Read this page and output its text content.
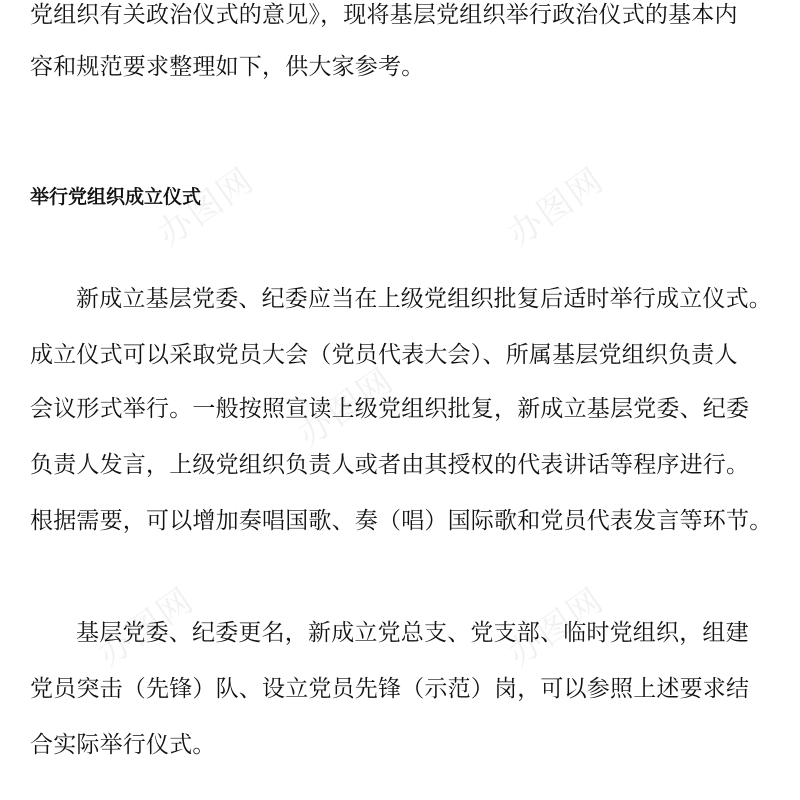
办图网	办图网
办图网
办图网	办图网
党组织有关政治仪式的意见》，现将基层党组织举行政治仪式的基本内
容和规范要求整理如下，供大家参考。
举行党组织成立仪式
新成立基层党委、纪委应当在上级党组织批复后适时举行成立仪式。
成立仪式可以采取党员大会（党员代表大会）、所属基层党组织负责人
会议形式举行。一般按照宣读上级党组织批复，新成立基层党委、纪委
负责人发言，上级党组织负责人或者由其授权的代表讲话等程序进行。
根据需要，可以增加奏唱国歌、奏（唱）国际歌和党员代表发言等环节。
基层党委、纪委更名，新成立党总支、党支部、临时党组织，组建
党员突击（先锋）队、设立党员先锋（示范）岗，可以参照上述要求结
合实际举行仪式。
